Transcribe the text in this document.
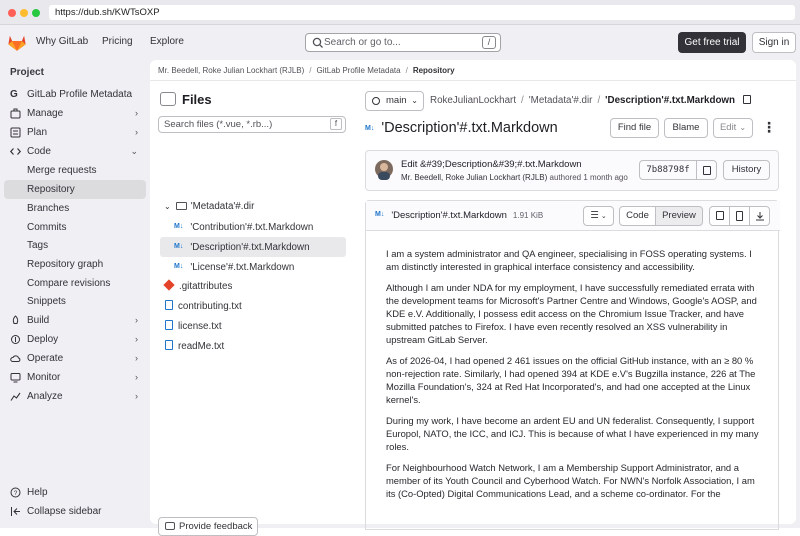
https://dub.sh/KWTsOXP
Why GitLab Pricing Explore	Search or go to...	/	Get free trial	Sign in
Project
G GitLab Profile Metadata
Manage	›
Plan	›
Code	⌄
Merge requests
Repository
Branches
Commits
Tags
Repository graph
Compare revisions
Snippets
Build	›
Deploy	›
Operate	›
Monitor	›
Analyze	›
? Help
Collapse sidebar
Mr. Beedell, Roke Julian Lockhart (RJLB) / GitLab Profile Metadata / Repository
Files
Search files (*.vue, *.rb...)	f
⌄ 'Metadata'#.dir
M↓ 'Contribution'#.txt.Markdown
M↓ 'Description'#.txt.Markdown
M↓ 'License'#.txt.Markdown
.gitattributes
contributing.txt
license.txt
readMe.txt
Provide feedback
main ⌄ RokeJulianLockhart / 'Metadata'#.dir / 'Description'#.txt.Markdown
M↓ 'Description'#.txt.Markdown	Find file	Blame	Edit ⌄	⋮
Edit &#39;Description&#39;#.txt.Markdown
Mr. Beedell, Roke Julian Lockhart (RJLB) authored 1 month ago
7b88798f	History
M↓ 'Description'#.txt.Markdown 1.91 KiB	☰ ⌄	Code	Preview

I am a system administrator and QA engineer, specialising in FOSS operating systems. I am distinctly interested in graphical interface consistency and accessibility.

Although I am under NDA for my employment, I have successfully remediated errata with the development teams for Microsoft's Partner Centre and Windows, Google's AOSP, and KDE e.V. Additionally, I possess edit access on the Chromium Issue Tracker, and have submitted patches to Firefox. I have even recently resolved an XSS vulnerability in upstream GitLab Server.

As of 2026-04, I had opened 2 461 issues on the official GitHub instance, with an ≥ 80 % non-rejection rate. Similarly, I had opened 394 at KDE e.V's Bugzilla instance, 226 at The Mozilla Foundation's, 324 at Red Hat Incorporated's, and had one accepted at the Linux kernel's.

During my work, I have become an ardent EU and UN federalist. Consequently, I support Europol, NATO, the ICC, and ICJ. This is because of what I have experienced in my many roles.

For Neighbourhood Watch Network, I am a Membership Support Administrator, and a member of its Youth Council and Cyberhood Watch. For NWN's Norfolk Association, I am its (Co-Opted) Digital Communications Lead, and a scheme co-ordinator. For the
